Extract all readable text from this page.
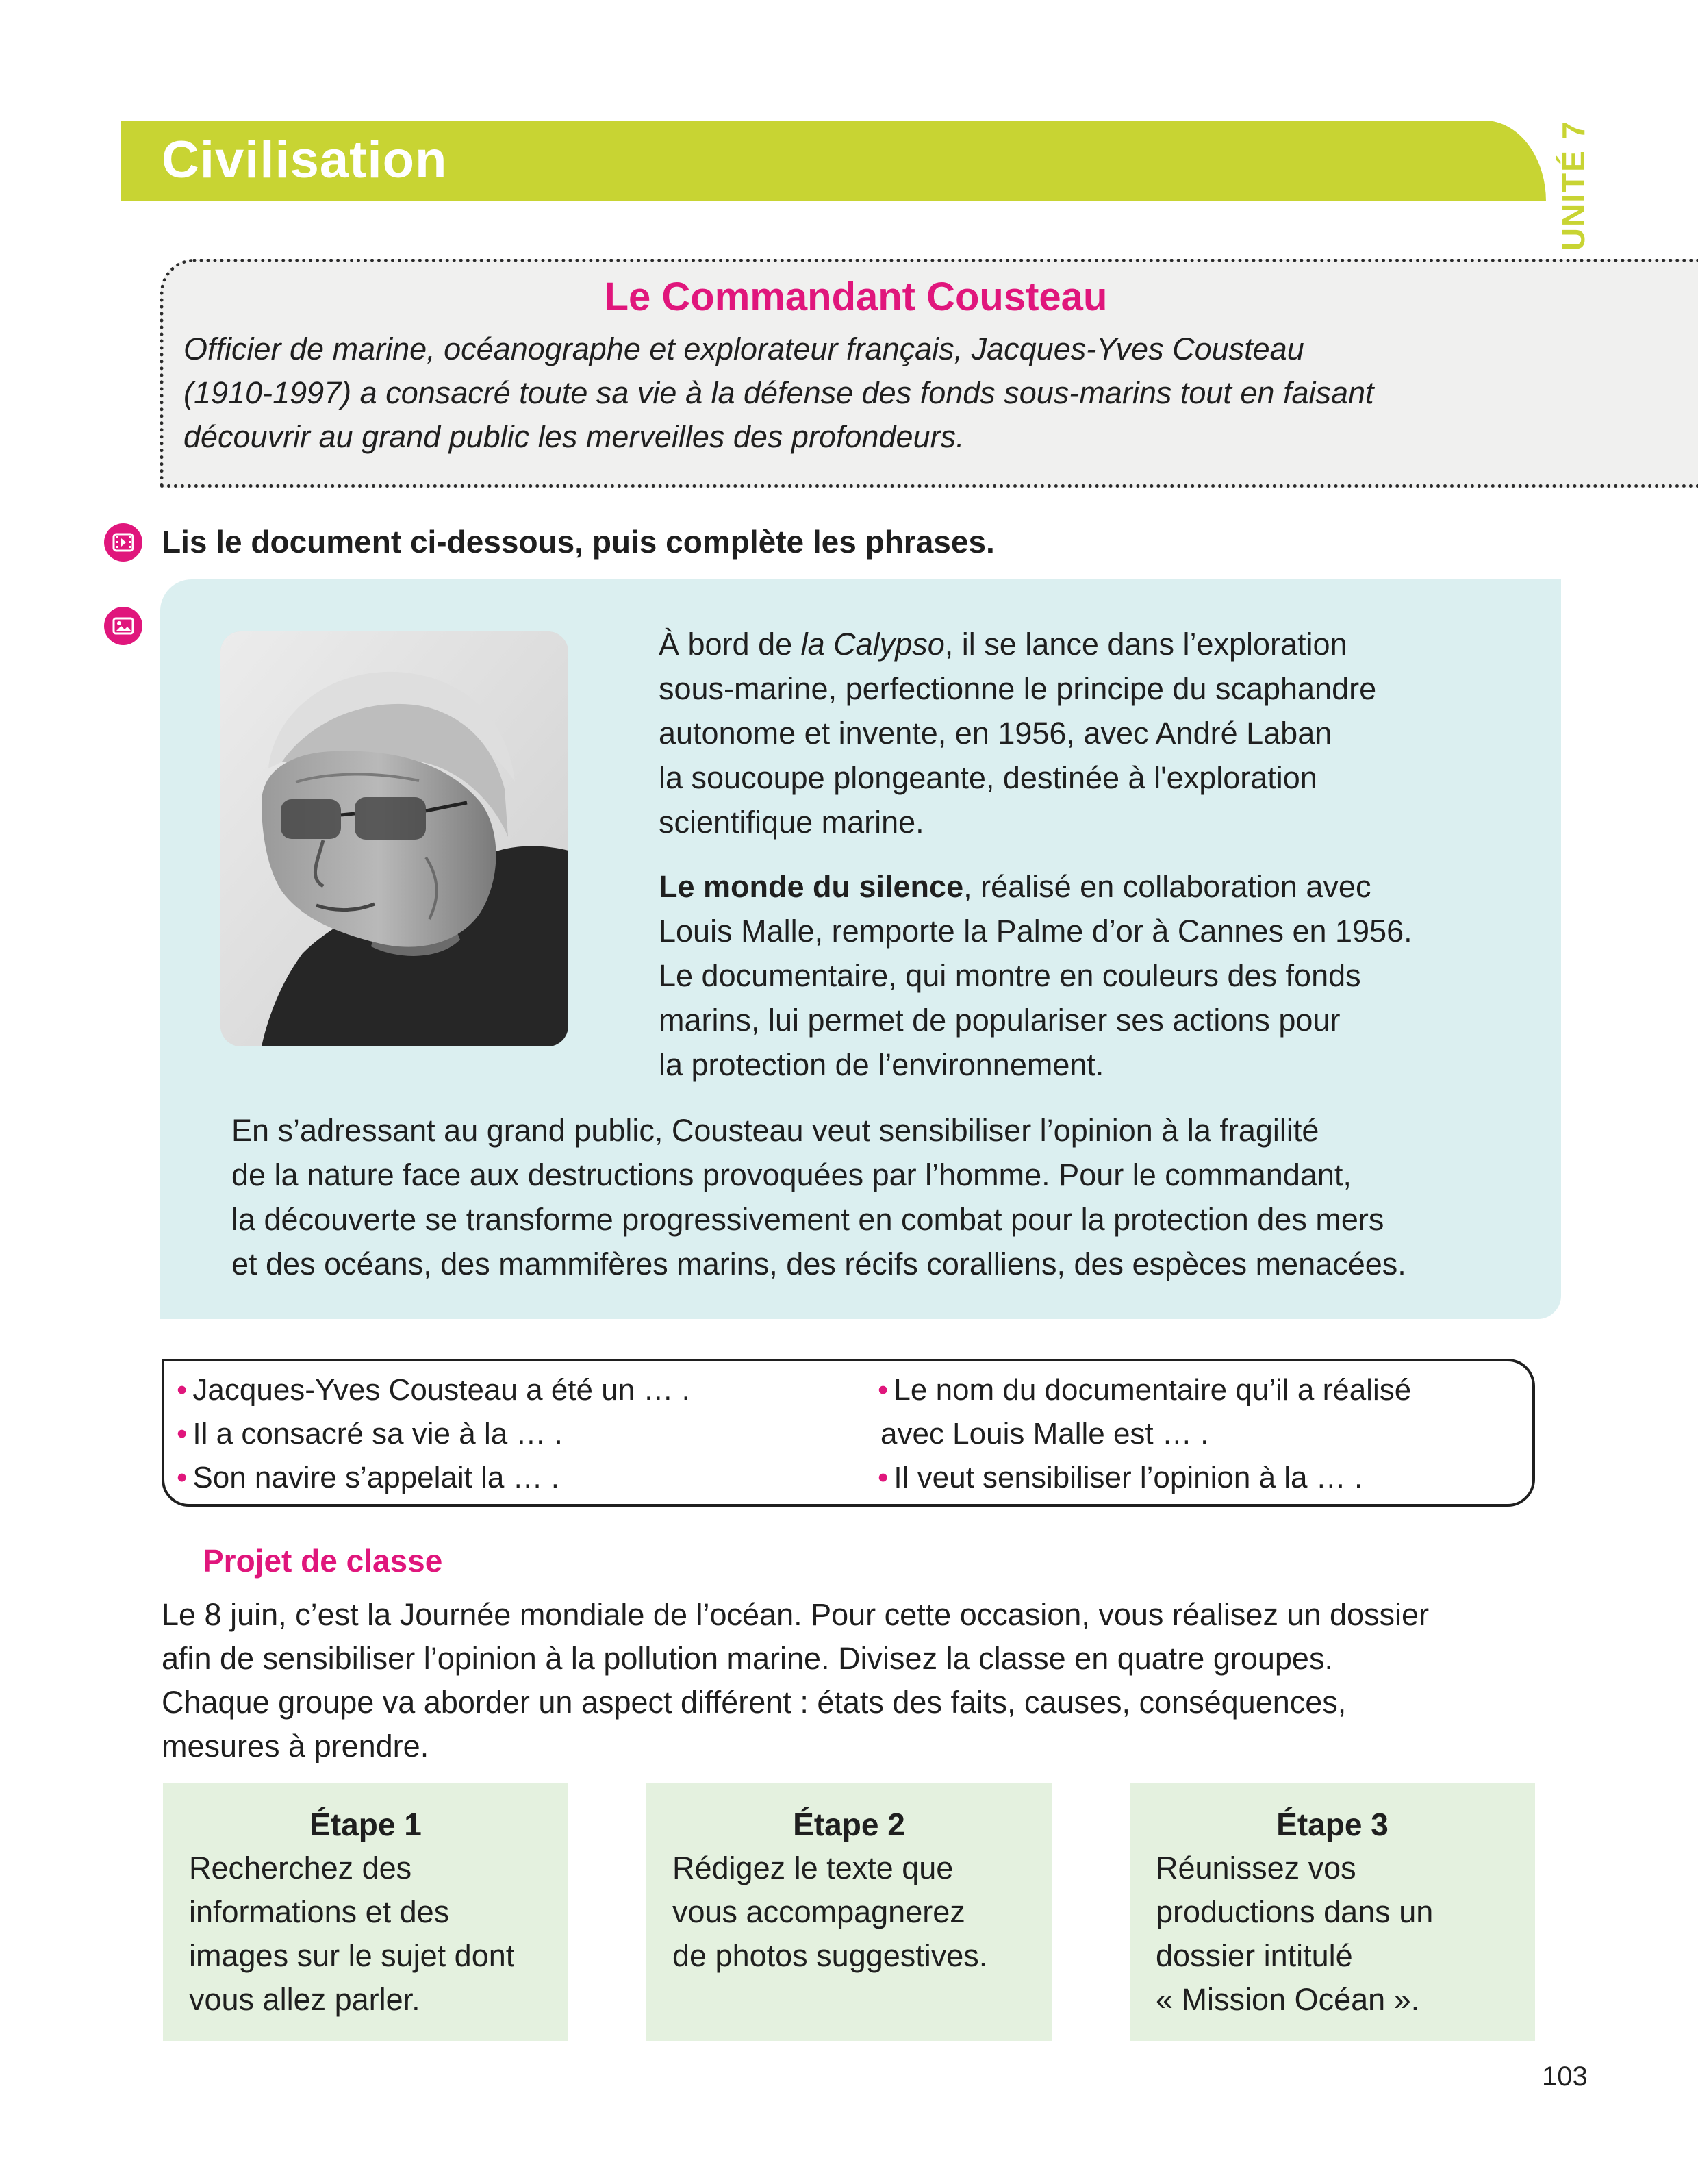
Civilisation	UNITÉ 7
Le Commandant Cousteau
Officier de marine, océanographe et explorateur français, Jacques-Yves Cousteau
(1910-1997) a consacré toute sa vie à la défense des fonds sous-marins tout en faisant
découvrir au grand public les merveilles des profondeurs.
Lis le document ci-dessous, puis complète les phrases.
À bord de la Calypso, il se lance dans l’exploration
sous-marine, perfectionne le principe du scaphandre
autonome et invente, en 1956, avec André Laban
la soucoupe plongeante, destinée à l'exploration
scientifique marine.
Le monde du silence, réalisé en collaboration avec
Louis Malle, remporte la Palme d’or à Cannes en 1956.
Le documentaire, qui montre en couleurs des fonds
marins, lui permet de populariser ses actions pour
la protection de l’environnement.
En s’adressant au grand public, Cousteau veut sensibiliser l’opinion à la fragilité
de la nature face aux destructions provoquées par l’homme. Pour le commandant,
la découverte se transforme progressivement en combat pour la protection des mers
et des océans, des mammifères marins, des récifs coralliens, des espèces menacées.
• Jacques-Yves Cousteau a été un … .
• Il a consacré sa vie à la … .
• Son navire s’appelait la … .
• Le nom du documentaire qu’il a réalisé
avec Louis Malle est … .
• Il veut sensibiliser l’opinion à la … .
Projet de classe
Le 8 juin, c’est la Journée mondiale de l’océan. Pour cette occasion, vous réalisez un dossier
afin de sensibiliser l’opinion à la pollution marine. Divisez la classe en quatre groupes.
Chaque groupe va aborder un aspect différent : états des faits, causes, conséquences,
mesures à prendre.
Étape 1
Recherchez des
informations et des
images sur le sujet dont
vous allez parler.
Étape 2
Rédigez le texte que
vous accompagnerez
de photos suggestives.
Étape 3
Réunissez vos
productions dans un
dossier intitulé
« Mission Océan ».
103
